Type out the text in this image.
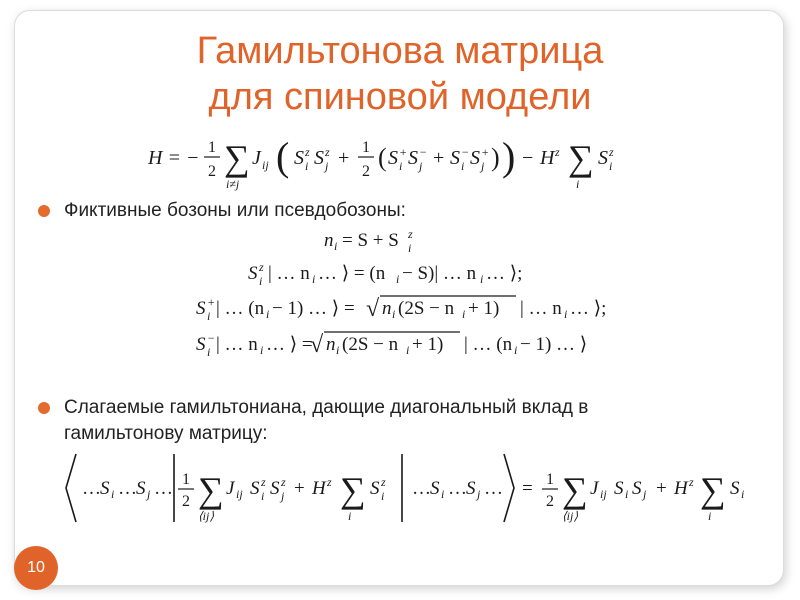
Гамильтонова матрица
для спиновой модели
H = − 1
2 ∑
i≠j
J ij ( S z
i S z
j + 1
2 ( S +
i S −
j + S −
i S +
j ) ) − H z ∑
i
S z
i
Фиктивные бозоны или псевдобозоны:
n i = S + S z
i
S z
i | … n i … ⟩ = (n i − S)| … n i … ⟩;
S +
i | … (n i − 1) … ⟩ = √ n i (2S − n i + 1) | … n i … ⟩;
S −
i | … n i … ⟩ =
√ n i (2S − n i + 1) | … (n i − 1) … ⟩
Слагаемые гамильтониана, дающие диагональный вклад в гамильтонову матрицу:
… S i … S j … 1
2 ∑
⟨ij⟩
J ij S z
i S z
j + H z ∑
i
S z
i … S i … S j … = 1
2 ∑
⟨ij⟩
J ij S i S j + H z ∑
i
S i
10
